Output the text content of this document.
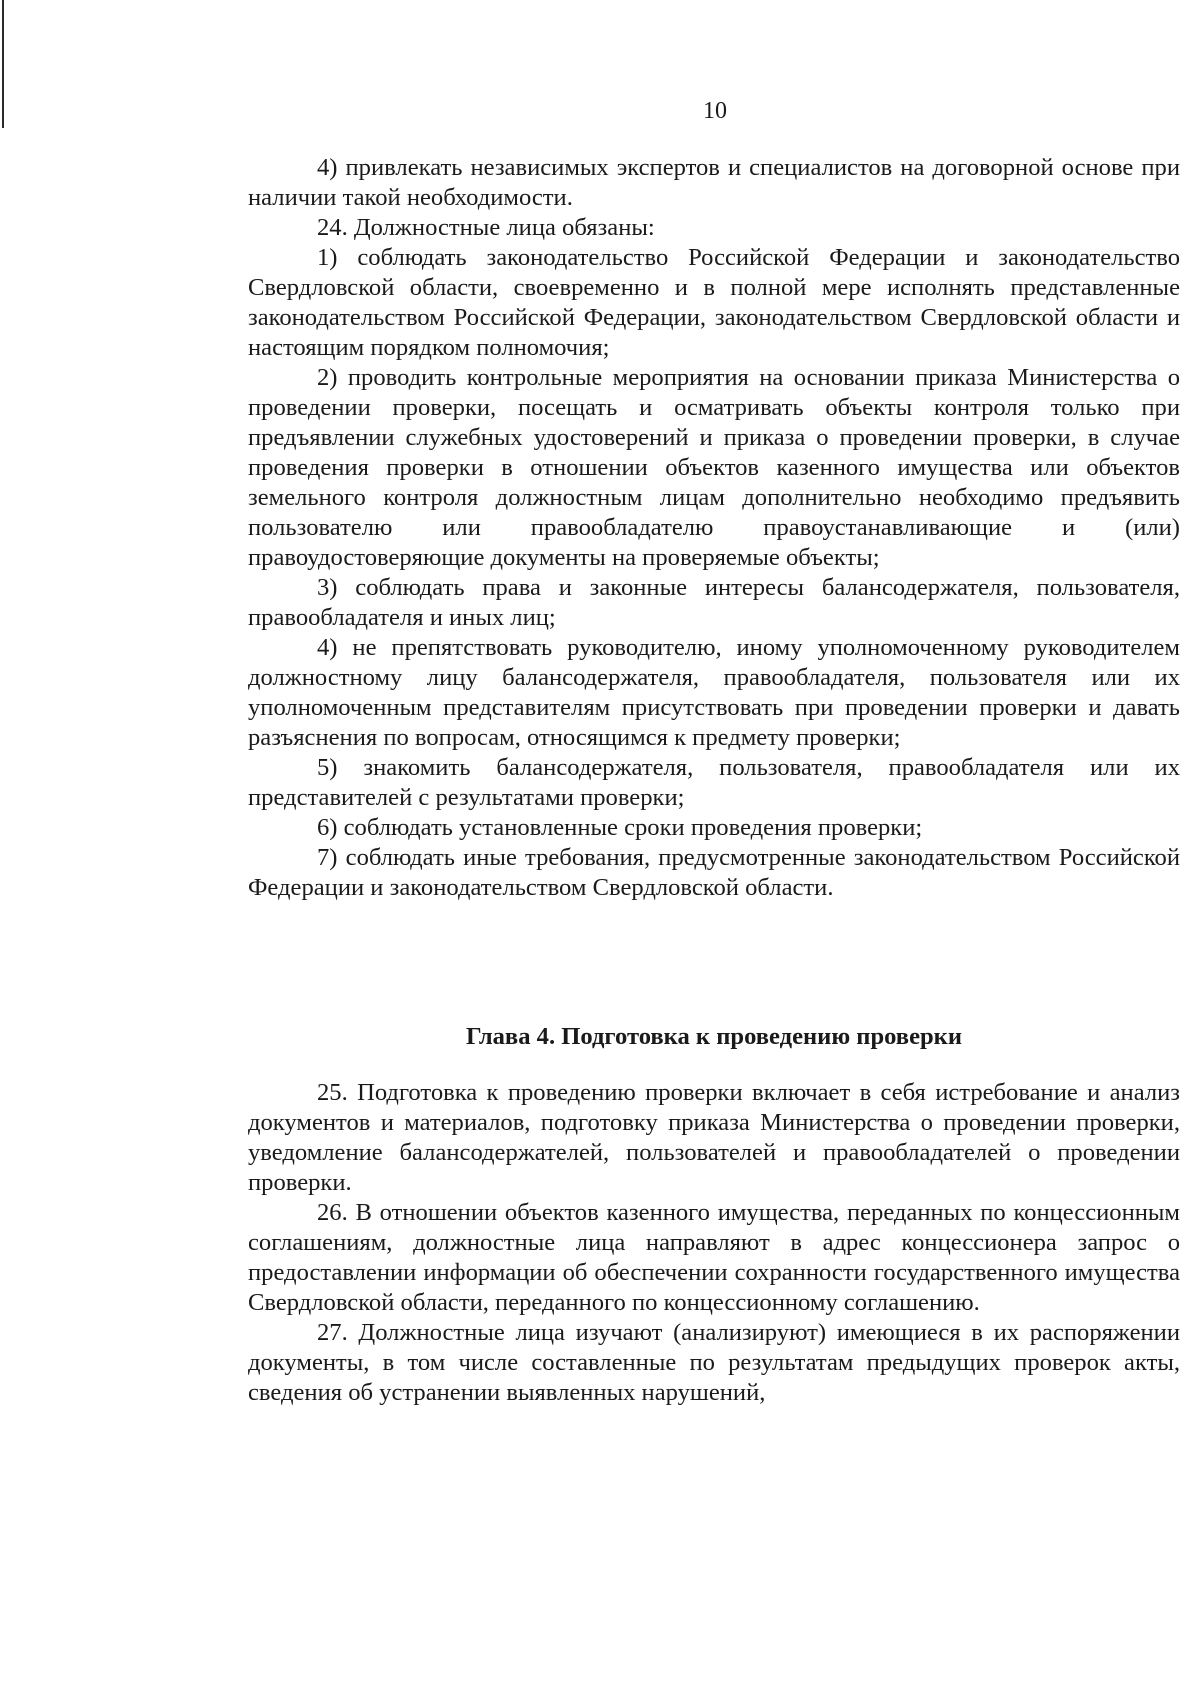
10

4) привлекать независимых экспертов и специалистов на договорной основе при наличии такой необходимости.

24. Должностные лица обязаны:

1) соблюдать законодательство Российской Федерации и законодательство Свердловской области, своевременно и в полной мере исполнять представленные законодательством Российской Федерации, законодательством Свердловской области и настоящим порядком полномочия;

2) проводить контрольные мероприятия на основании приказа Министерства о проведении проверки, посещать и осматривать объекты контроля только при предъявлении служебных удостоверений и приказа о проведении проверки, в случае проведения проверки в отношении объектов казенного имущества или объектов земельного контроля должностным лицам дополнительно необходимо предъявить пользователю или правообладателю правоустанавливающие и (или) правоудостоверяющие документы на проверяемые объекты;

3) соблюдать права и законные интересы балансодержателя, пользователя, правообладателя и иных лиц;

4) не препятствовать руководителю, иному уполномоченному руководителем должностному лицу балансодержателя, правообладателя, пользователя или их уполномоченным представителям присутствовать при проведении проверки и давать разъяснения по вопросам, относящимся к предмету проверки;

5) знакомить балансодержателя, пользователя, правообладателя или их представителей с результатами проверки;

6) соблюдать установленные сроки проведения проверки;

7) соблюдать иные требования, предусмотренные законодательством Российской Федерации и законодательством Свердловской области.

Глава 4. Подготовка к проведению проверки

25. Подготовка к проведению проверки включает в себя истребование и анализ документов и материалов, подготовку приказа Министерства о проведении проверки, уведомление балансодержателей, пользователей и правообладателей о проведении проверки.

26. В отношении объектов казенного имущества, переданных по концессионным соглашениям, должностные лица направляют в адрес концессионера запрос о предоставлении информации об обеспечении сохранности государственного имущества Свердловской области, переданного по концессионному соглашению.

27. Должностные лица изучают (анализируют) имеющиеся в их распоряжении документы, в том числе составленные по результатам предыдущих проверок акты, сведения об устранении выявленных нарушений,
